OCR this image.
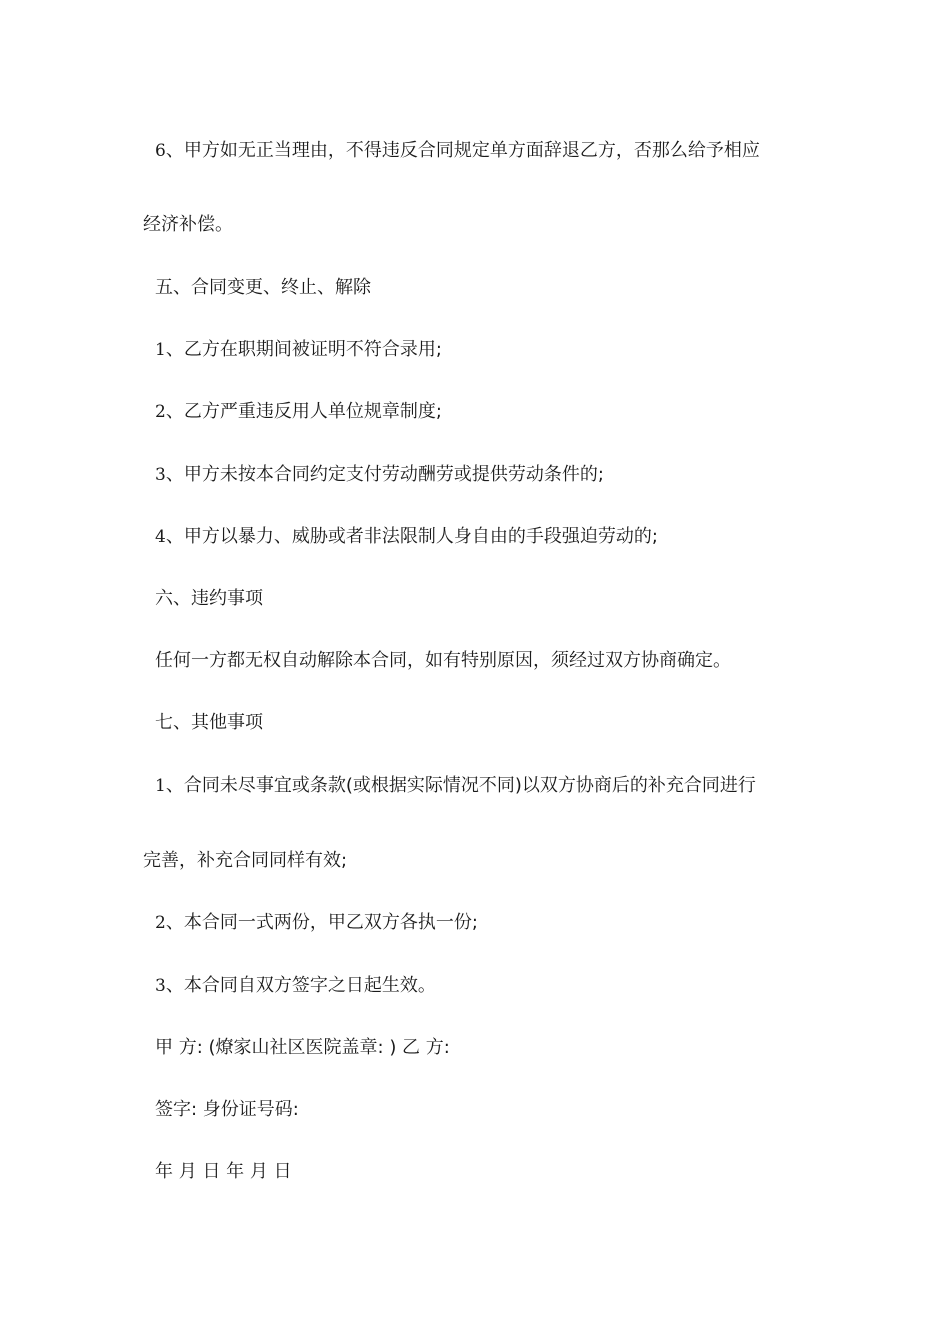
6、甲方如无正当理由，不得违反合同规定单方面辞退乙方，否那么给予相应
经济补偿。
五、合同变更、终止、解除
1、乙方在职期间被证明不符合录用;
2、乙方严重违反用人单位规章制度;
3、甲方未按本合同约定支付劳动酬劳或提供劳动条件的;
4、甲方以暴力、威胁或者非法限制人身自由的手段强迫劳动的;
六、违约事项
任何一方都无权自动解除本合同，如有特别原因，须经过双方协商确定。
七、其他事项
1、合同未尽事宜或条款(或根据实际情况不同)以双方协商后的补充合同进行
完善，补充合同同样有效;
2、本合同一式两份，甲乙双方各执一份;
3、本合同自双方签字之日起生效。
甲 方: (燎家山社区医院盖章: ) 乙 方:
签字: 身份证号码:
年 月 日 年 月 日
